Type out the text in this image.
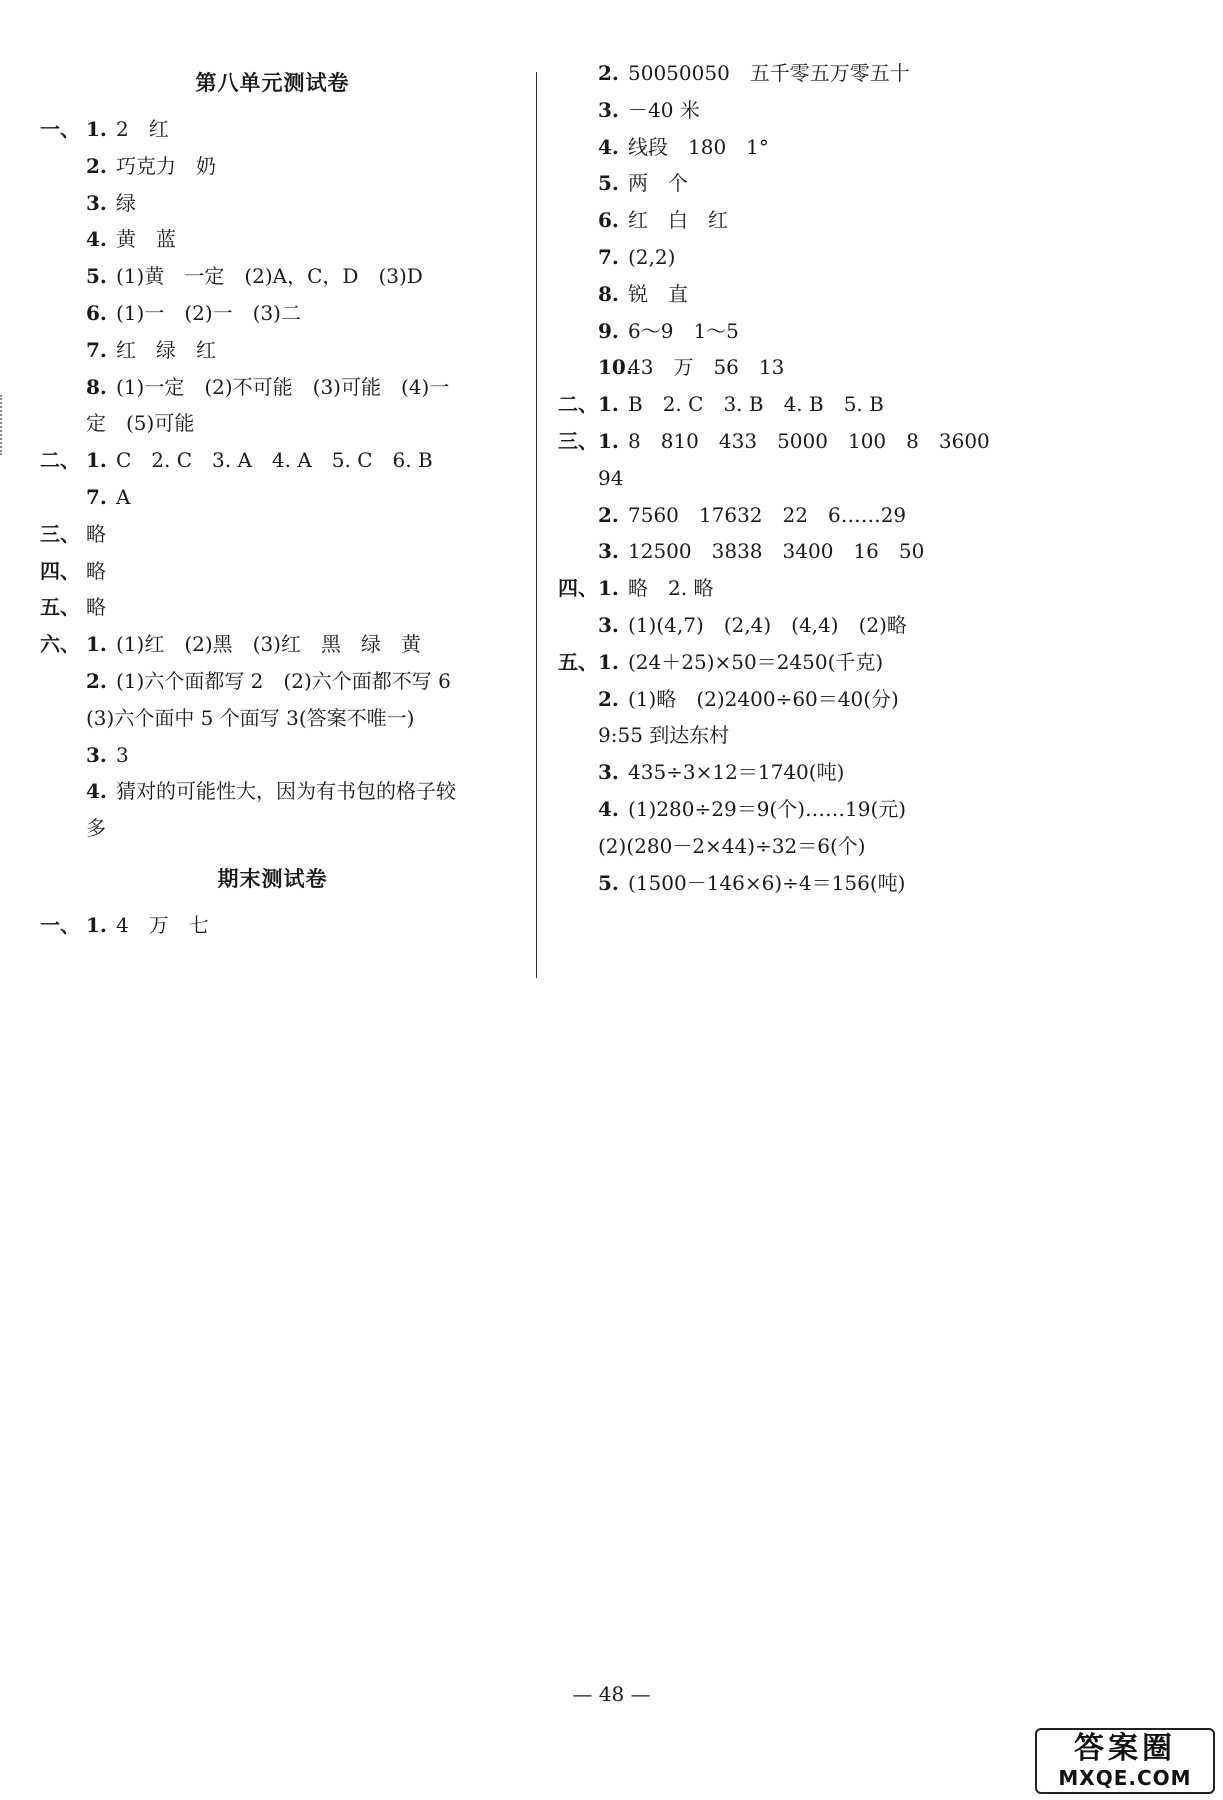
第八单元测试卷
一、 1. 2　红
2. 巧克力　奶
3. 绿
4. 黄　蓝
5. (1)黄　一定　(2)A，C，D　(3)D
6. (1)一　(2)一　(3)二
7. 红　绿　红
8. (1)一定　(2)不可能　(3)可能　(4)一
定　(5)可能
二、 1. C　2. C　3. A　4. A　5. C　6. B
7. A
三、 略
四、 略
五、 略
六、 1. (1)红　(2)黑　(3)红　黑　绿　黄
2. (1)六个面都写 2　(2)六个面都不写 6
(3)六个面中 5 个面写 3(答案不唯一)
3. 3
4. 猜对的可能性大，因为有书包的格子较
多
期末测试卷
一、 1. 4　万　七
2. 50050050　五千零五万零五十
3. －40 米
4. 线段　180　1°
5. 两　个
6. 红　白　红
7. (2,2)
8. 锐　直
9. 6～9　1～5
10.
43　万　56　13
二、 1. B　2. C　3. B　4. B　5. B
三、 1. 8　810　433　5000　100　8　3600
94
2. 7560　17632　22　6……29
3. 12500　3838　3400　16　50
四、 1. 略　2. 略
3. (1)(4,7)　(2,4)　(4,4)　(2)略
五、 1. (24＋25)×50＝2450(千克)
2. (1)略　(2)2400÷60＝40(分)
9:55 到达东村
3. 435÷3×12＝1740(吨)
4. (1)280÷29＝9(个)……19(元)
(2)(280－2×44)÷32＝6(个)
5. (1500－146×6)÷4＝156(吨)
— 48 —
答案圈
MXQE.COM
